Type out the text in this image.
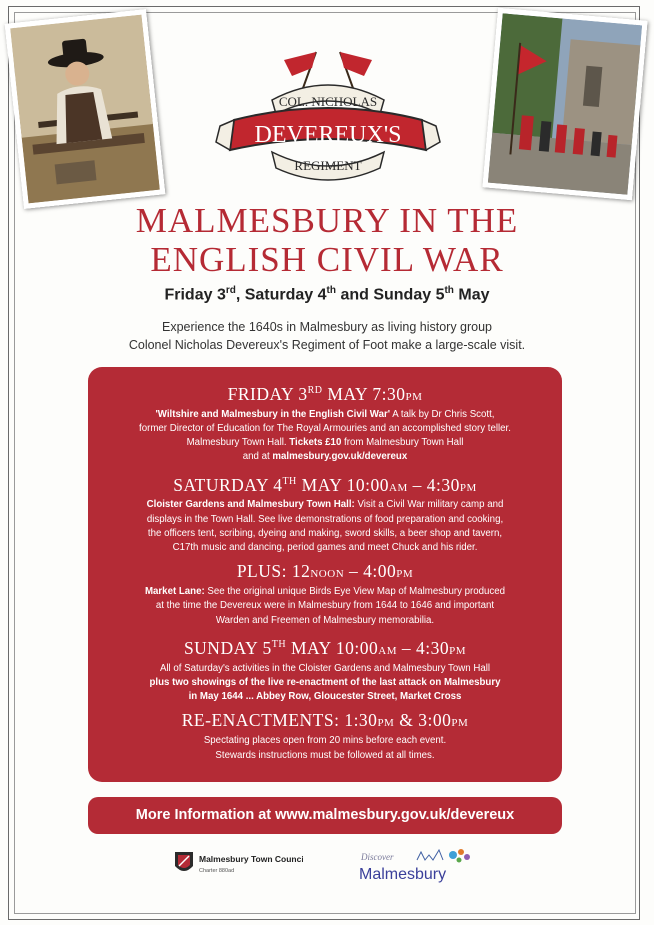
COL. NICHOLAS
DEVEREUX'S
REGIMENT
MALMESBURY IN THE
ENGLISH CIVIL WAR
Friday 3rd, Saturday 4th and Sunday 5th May
Experience the 1640s in Malmesbury as living history group
Colonel Nicholas Devereux's Regiment of Foot make a large-scale visit.
FRIDAY 3RD MAY 7:30PM
'Wiltshire and Malmesbury in the English Civil War' A talk by Dr Chris Scott,
former Director of Education for The Royal Armouries and an accomplished story teller.
Malmesbury Town Hall. Tickets £10 from Malmesbury Town Hall
and at malmesbury.gov.uk/devereux
SATURDAY 4TH MAY 10:00AM – 4:30PM
Cloister Gardens and Malmesbury Town Hall: Visit a Civil War military camp and
displays in the Town Hall. See live demonstrations of food preparation and cooking,
the officers tent, scribing, dyeing and making, sword skills, a beer shop and tavern,
C17th music and dancing, period games and meet Chuck and his rider.
PLUS: 12NOON – 4:00PM
Market Lane: See the original unique Birds Eye View Map of Malmesbury produced
at the time the Devereux were in Malmesbury from 1644 to 1646 and important
Warden and Freemen of Malmesbury memorabilia.
SUNDAY 5TH MAY 10:00AM – 4:30PM
All of Saturday's activities in the Cloister Gardens and Malmesbury Town Hall
plus two showings of the live re-enactment of the last attack on Malmesbury
in May 1644 ... Abbey Row, Gloucester Street, Market Cross
RE-ENACTMENTS: 1:30PM & 3:00PM
Spectating places open from 20 mins before each event.
Stewards instructions must be followed at all times.
More Information at www.malmesbury.gov.uk/devereux
Malmesbury Town Council
Charter 880ad
Discover
Malmesbury
